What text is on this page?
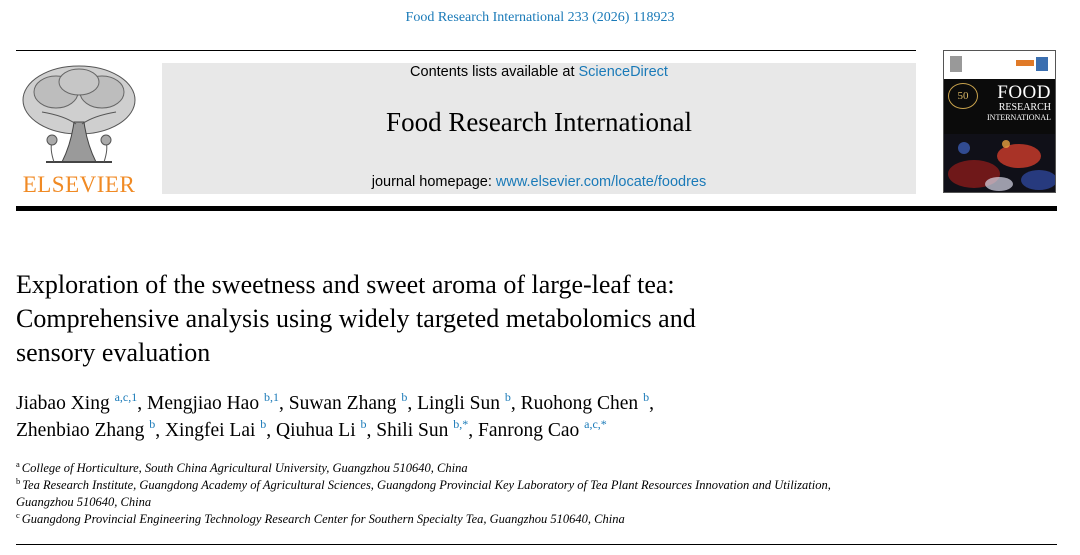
Food Research International 233 (2026) 118923
ELSEVIER
Contents lists available at ScienceDirect
Food Research International
journal homepage: www.elsevier.com/locate/foodres
50	FOOD
RESEARCH
INTERNATIONAL
Exploration of the sweetness and sweet aroma of large-leaf tea:
Comprehensive analysis using widely targeted metabolomics and
sensory evaluation
Jiabao Xing $^{a,c,1}$, Mengjiao Hao $^{b,1}$, Suwan Zhang $^b$, Lingli Sun $^b$, Ruohong Chen $^b$,
Zhenbiao Zhang $^b$, Xingfei Lai $^b$, Qiuhua Li $^b$, Shili Sun $^{b,*}$, Fanrong Cao $^{a,c,*}$
$^a$ College of Horticulture, South China Agricultural University, Guangzhou 510640, China
$^b$ Tea Research Institute, Guangdong Academy of Agricultural Sciences, Guangdong Provincial Key Laboratory of Tea Plant Resources Innovation and Utilization,
Guangzhou 510640, China
$^c$ Guangdong Provincial Engineering Technology Research Center for Southern Specialty Tea, Guangzhou 510640, China
